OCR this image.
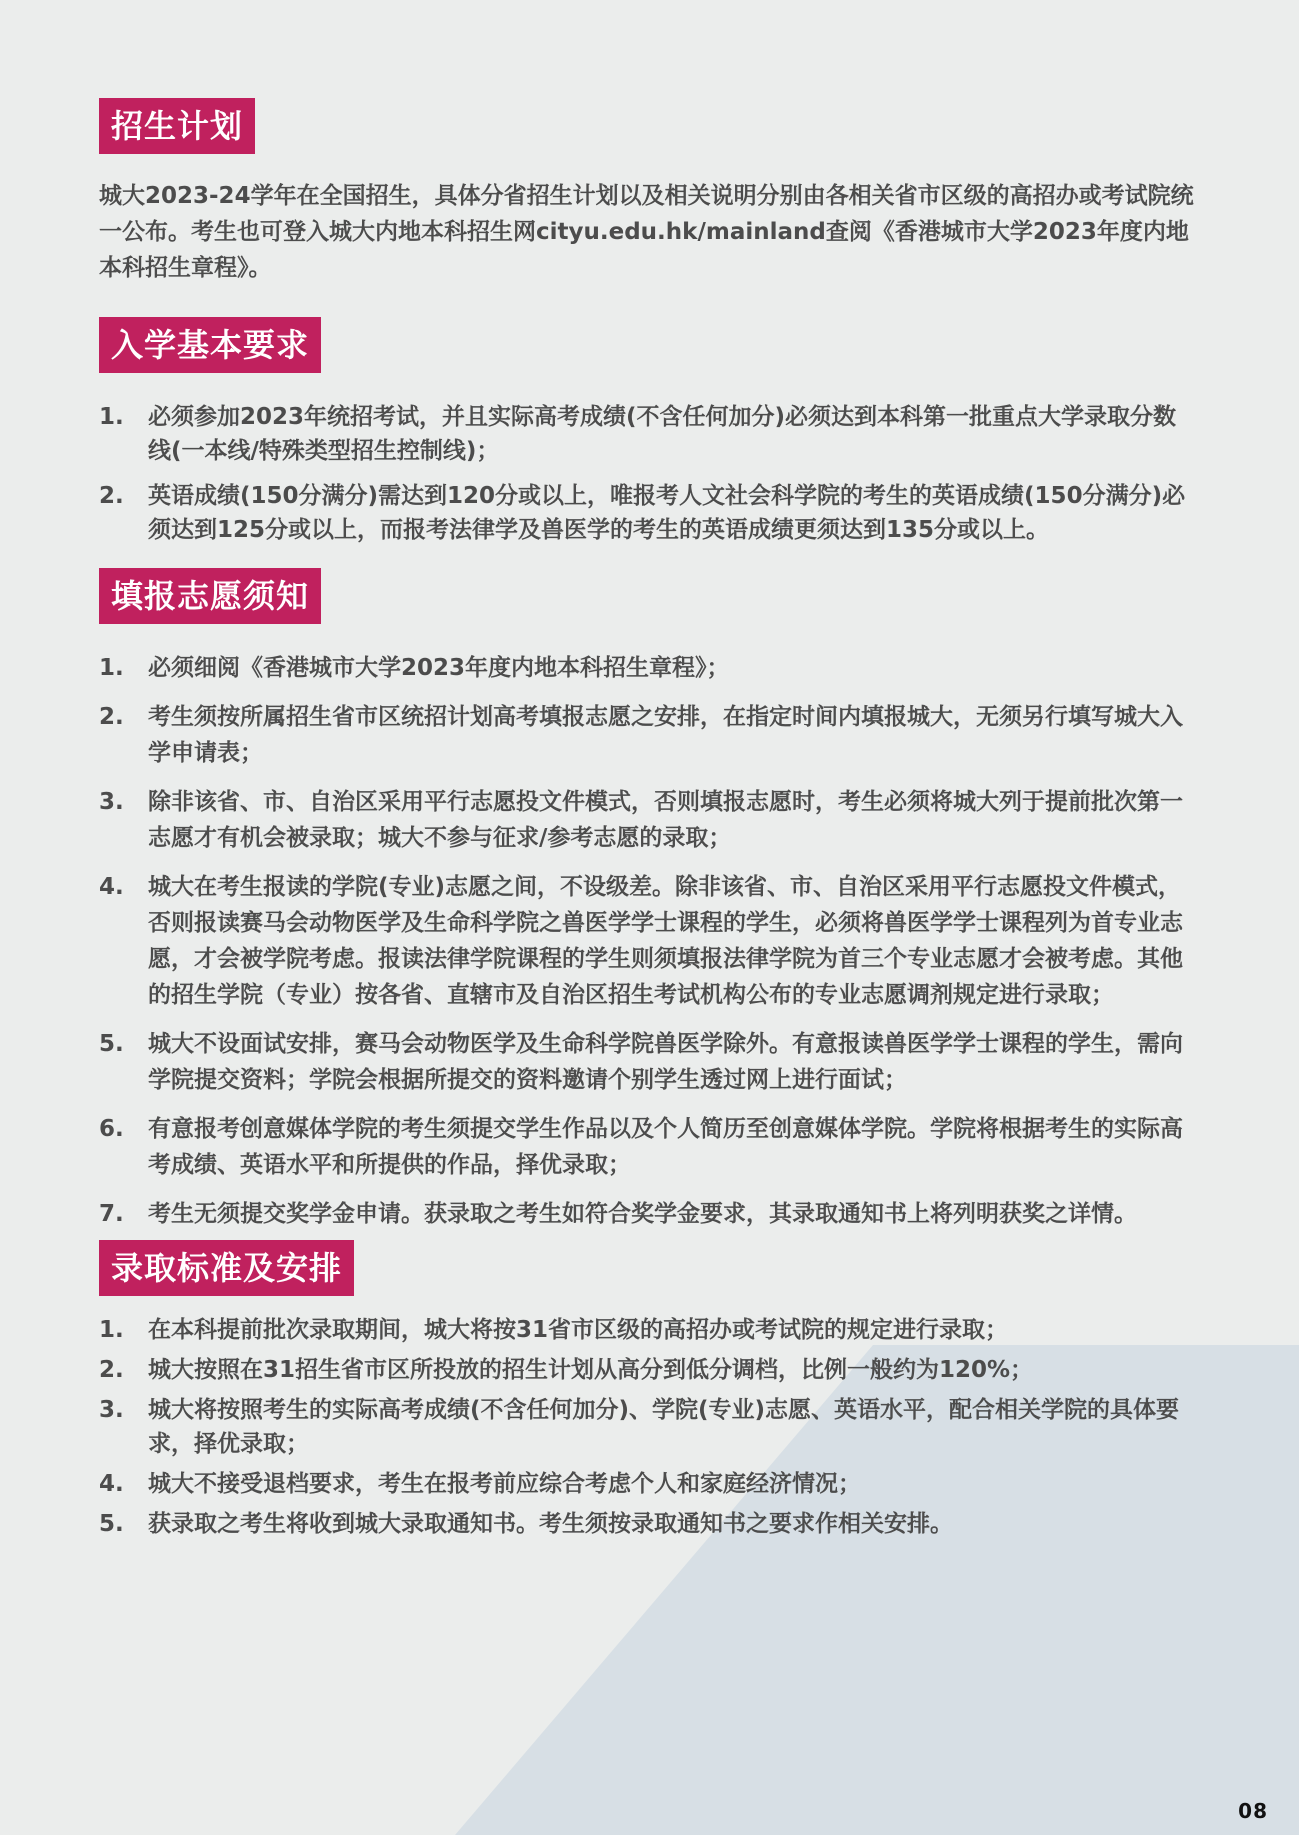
招生计划
城大2023-24学年在全国招生，具体分省招生计划以及相关说明分别由各相关省市区级的高招办或考试院统一公布。考生也可登入城大内地本科招生网cityu.edu.hk/mainland查阅《香港城市大学2023年度内地本科招生章程》。
入学基本要求
1.	必须参加2023年统招考试，并且实际高考成绩(不含任何加分)必须达到本科第一批重点大学录取分数线(一本线/特殊类型招生控制线)；
2.	英语成绩(150分满分)需达到120分或以上，唯报考人文社会科学院的考生的英语成绩(150分满分)必须达到125分或以上，而报考法律学及兽医学的考生的英语成绩更须达到135分或以上。
填报志愿须知
1.	必须细阅《香港城市大学2023年度内地本科招生章程》；
2.	考生须按所属招生省市区统招计划高考填报志愿之安排，在指定时间内填报城大，无须另行填写城大入学申请表；
3.	除非该省、市、自治区采用平行志愿投文件模式，否则填报志愿时，考生必须将城大列于提前批次第一志愿才有机会被录取；城大不参与征求/参考志愿的录取；
4.	城大在考生报读的学院(专业)志愿之间，不设级差。除非该省、市、自治区采用平行志愿投文件模式，否则报读赛马会动物医学及生命科学院之兽医学学士课程的学生，必须将兽医学学士课程列为首专业志愿，才会被学院考虑。报读法律学院课程的学生则须填报法律学院为首三个专业志愿才会被考虑。其他的招生学院（专业）按各省、直辖市及自治区招生考试机构公布的专业志愿调剂规定进行录取；
5.	城大不设面试安排，赛马会动物医学及生命科学院兽医学除外。有意报读兽医学学士课程的学生，需向学院提交资料；学院会根据所提交的资料邀请个别学生透过网上进行面试；
6.	有意报考创意媒体学院的考生须提交学生作品以及个人简历至创意媒体学院。学院将根据考生的实际高考成绩、英语水平和所提供的作品，择优录取；
7.	考生无须提交奖学金申请。获录取之考生如符合奖学金要求，其录取通知书上将列明获奖之详情。
录取标准及安排
1.	在本科提前批次录取期间，城大将按31省市区级的高招办或考试院的规定进行录取；
2.	城大按照在31招生省市区所投放的招生计划从高分到低分调档，比例一般约为120%；
3.	城大将按照考生的实际高考成绩(不含任何加分)、学院(专业)志愿、英语水平，配合相关学院的具体要求，择优录取；
4.	城大不接受退档要求，考生在报考前应综合考虑个人和家庭经济情况；
5.	获录取之考生将收到城大录取通知书。考生须按录取通知书之要求作相关安排。
08
